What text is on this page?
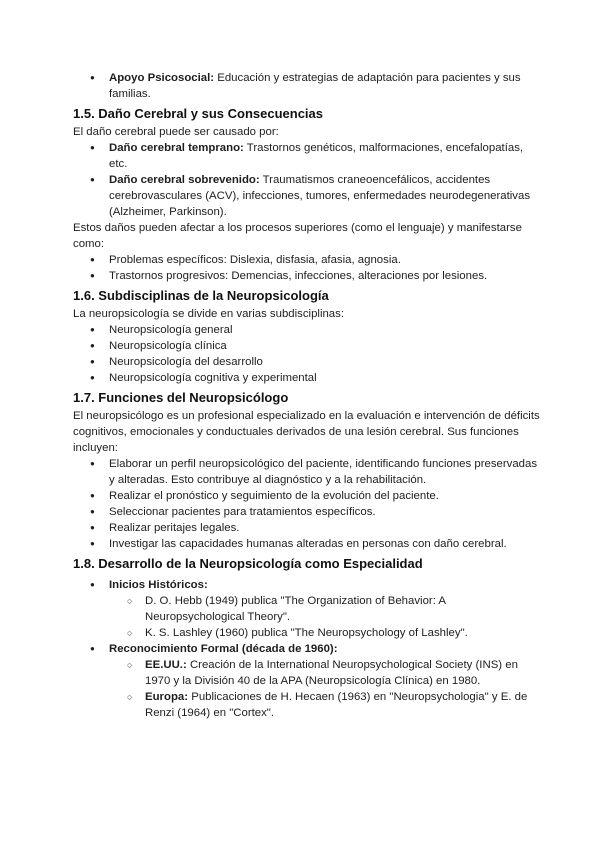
● Apoyo Psicosocial: Educación y estrategias de adaptación para pacientes y sus familias.
1.5. Daño Cerebral y sus Consecuencias

El daño cerebral puede ser causado por:

● Daño cerebral temprano: Trastornos genéticos, malformaciones, encefalopatías, etc.
● Daño cerebral sobrevenido: Traumatismos craneoencefálicos, accidentes cerebrovasculares (ACV), infecciones, tumores, enfermedades neurodegenerativas (Alzheimer, Parkinson).

Estos daños pueden afectar a los procesos superiores (como el lenguaje) y manifestarse como:

● Problemas específicos: Dislexia, disfasia, afasia, agnosia.
● Trastornos progresivos: Demencias, infecciones, alteraciones por lesiones.
1.6. Subdisciplinas de la Neuropsicología

La neuropsicología se divide en varias subdisciplinas:

● Neuropsicología general
● Neuropsicología clínica
● Neuropsicología del desarrollo
● Neuropsicología cognitiva y experimental
1.7. Funciones del Neuropsicólogo

El neuropsicólogo es un profesional especializado en la evaluación e intervención de déficits cognitivos, emocionales y conductuales derivados de una lesión cerebral. Sus funciones incluyen:

● Elaborar un perfil neuropsicológico del paciente, identificando funciones preservadas y alteradas. Esto contribuye al diagnóstico y a la rehabilitación.
● Realizar el pronóstico y seguimiento de la evolución del paciente.
● Seleccionar pacientes para tratamientos específicos.
● Realizar peritajes legales.
● Investigar las capacidades humanas alteradas en personas con daño cerebral.
1.8. Desarrollo de la Neuropsicología como Especialidad
● Inicios Históricos:
○ D. O. Hebb (1949) publica "The Organization of Behavior: A Neuropsychological Theory".
○ K. S. Lashley (1960) publica "The Neuropsychology of Lashley".
● Reconocimiento Formal (década de 1960):
○ EE.UU.: Creación de la International Neuropsychological Society (INS) en 1970 y la División 40 de la APA (Neuropsicología Clínica) en 1980.
○ Europa: Publicaciones de H. Hecaen (1963) en "Neuropsychologia" y E. de Renzi (1964) en "Cortex".
